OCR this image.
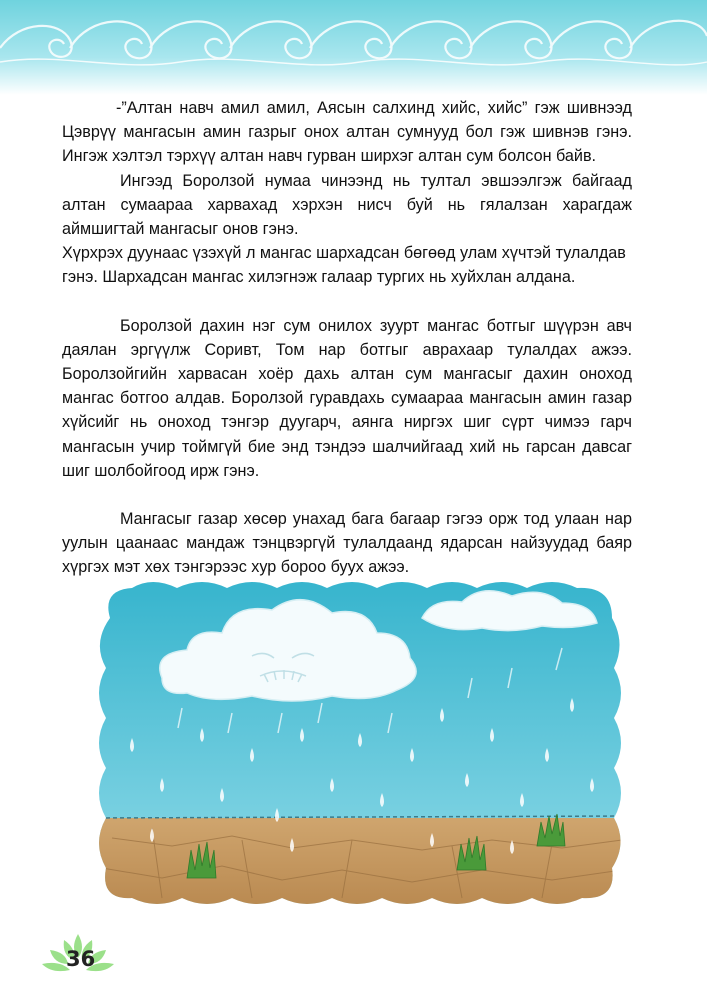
-”Алтан навч амил амил, Аясын салхинд хийс, хийс” гэж шивнээд Цэврүү мангасын амин газрыг онох алтан сумнууд бол гэж шивнэв гэнэ. Ингэж хэлтэл тэрхүү алтан навч гурван ширхэг алтан сум болсон байв.

Ингээд Боролзой нумаа чинээнд нь тултал эвшээлгэж байгаад алтан сумаараа харвахад хэрхэн нисч буй нь гялалзан харагдаж аймшигтай мангасыг онов гэнэ.

Хүрхрэх дуунаас үзэхүй л мангас шархадсан бөгөөд улам хүчтэй тулалдав гэнэ. Шархадсан мангас хилэгнэж галаар тургих нь хуйхлан алдана.

Боролзой дахин нэг сум онилох зуурт мангас ботгыг шүүрэн авч даялан эргүүлж Соривт, Том нар ботгыг аврахаар тулалдах ажээ. Боролзойгийн харвасан хоёр дахь алтан сум мангасыг дахин оноход мангас ботгоо алдав. Боролзой гуравдахь сумаараа мангасын амин газар хүйсийг нь оноход тэнгэр дуугарч, аянга ниргэх шиг сүрт чимээ гарч мангасын учир тоймгүй бие энд тэндээ шалчийгаад хий нь гарсан давсаг шиг шолбойгоод ирж гэнэ.

Мангасыг газар хөсөр унахад бага багаар гэгээ орж тод улаан нар уулын цаанаас мандаж тэнцвэргүй тулалдаанд ядарсан найзуудад баяр хүргэх мэт хөх тэнгэрээс хур бороо буух ажээ.

36
